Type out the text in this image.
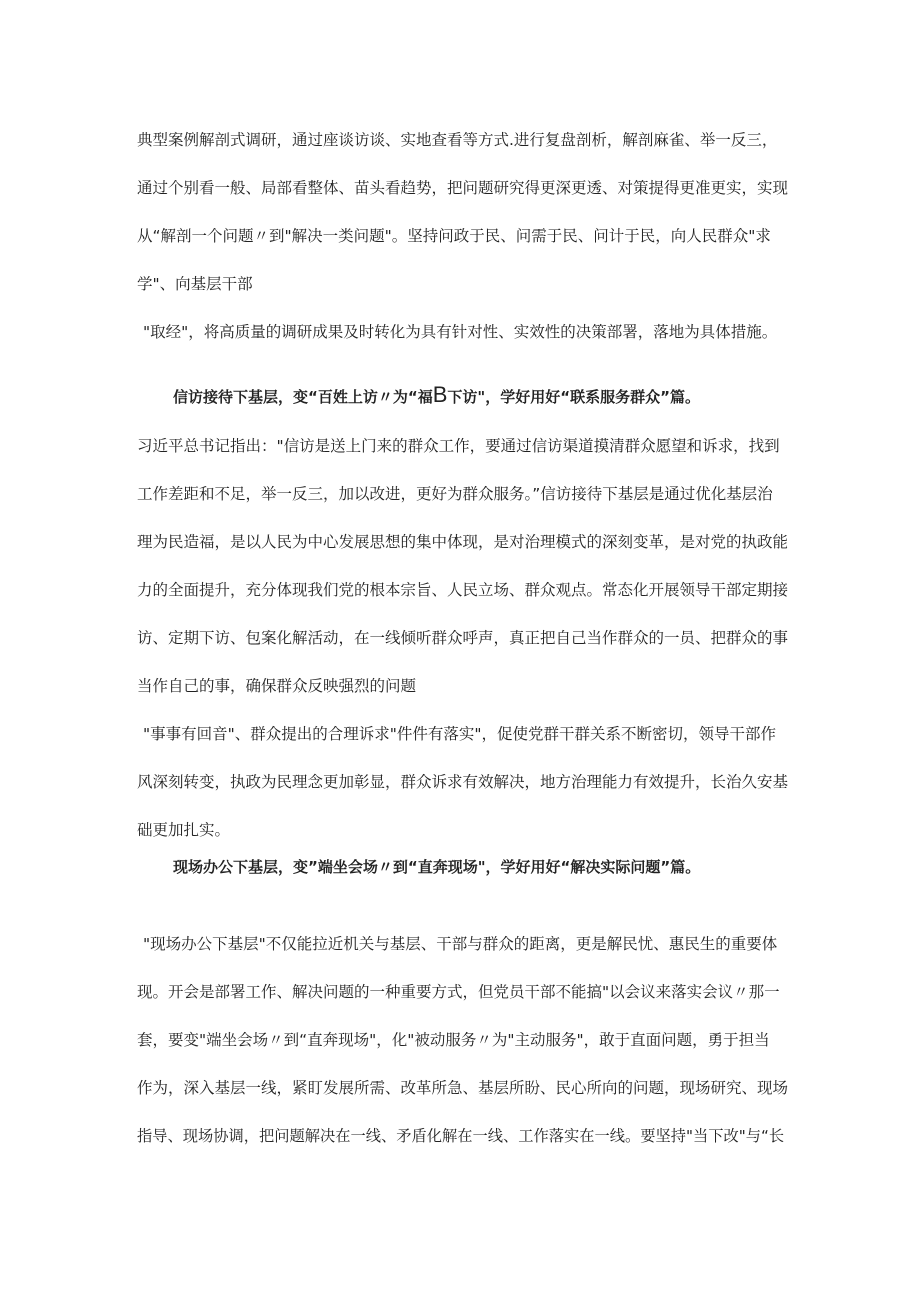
典型案例解剖式调研，通过座谈访谈、实地查看等方式.进行复盘剖析，解剖麻雀、举一反三，
通过个别看一般、局部看整体、苗头看趋势，把问题研究得更深更透、对策提得更准更实，实现
从“解剖一个问题〃到"解决一类问题"。坚持问政于民、问需于民、问计于民，向人民群众"求
学"、向基层干部
"取经"，将高质量的调研成果及时转化为具有针对性、实效性的决策部署，落地为具体措施。
信访接待下基层，变“百姓上访〃为“福B下访"，学好用好“联系服务群众”篇。
习近平总书记指出："信访是送上门来的群众工作，要通过信访渠道摸清群众愿望和诉求，找到
工作差距和不足，举一反三，加以改进，更好为群众服务。”信访接待下基层是通过优化基层治
理为民造福，是以人民为中心发展思想的集中体现，是对治理模式的深刻变革，是对党的执政能
力的全面提升，充分体现我们党的根本宗旨、人民立场、群众观点。常态化开展领导干部定期接
访、定期下访、包案化解活动，在一线倾听群众呼声，真正把自己当作群众的一员、把群众的事
当作自己的事，确保群众反映强烈的问题
"事事有回音"、群众提出的合理诉求"件件有落实"，促使党群干群关系不断密切，领导干部作
风深刻转变，执政为民理念更加彰显，群众诉求有效解决，地方治理能力有效提升，长治久安基
础更加扎实。
现场办公下基层，变”端坐会场〃到“直奔现场"，学好用好“解决实际问题”篇。
"现场办公下基层"不仅能拉近机关与基层、干部与群众的距离，更是解民忧、惠民生的重要体
现。开会是部署工作、解决问题的一种重要方式，但党员干部不能搞"以会议来落实会议〃那一
套，要变"端坐会场〃到“直奔现场"，化"被动服务〃为"主动服务"，敢于直面问题，勇于担当
作为，深入基层一线，紧盯发展所需、改革所急、基层所盼、民心所向的问题，现场研究、现场
指导、现场协调，把问题解决在一线、矛盾化解在一线、工作落实在一线。要坚持"当下改"与“长
